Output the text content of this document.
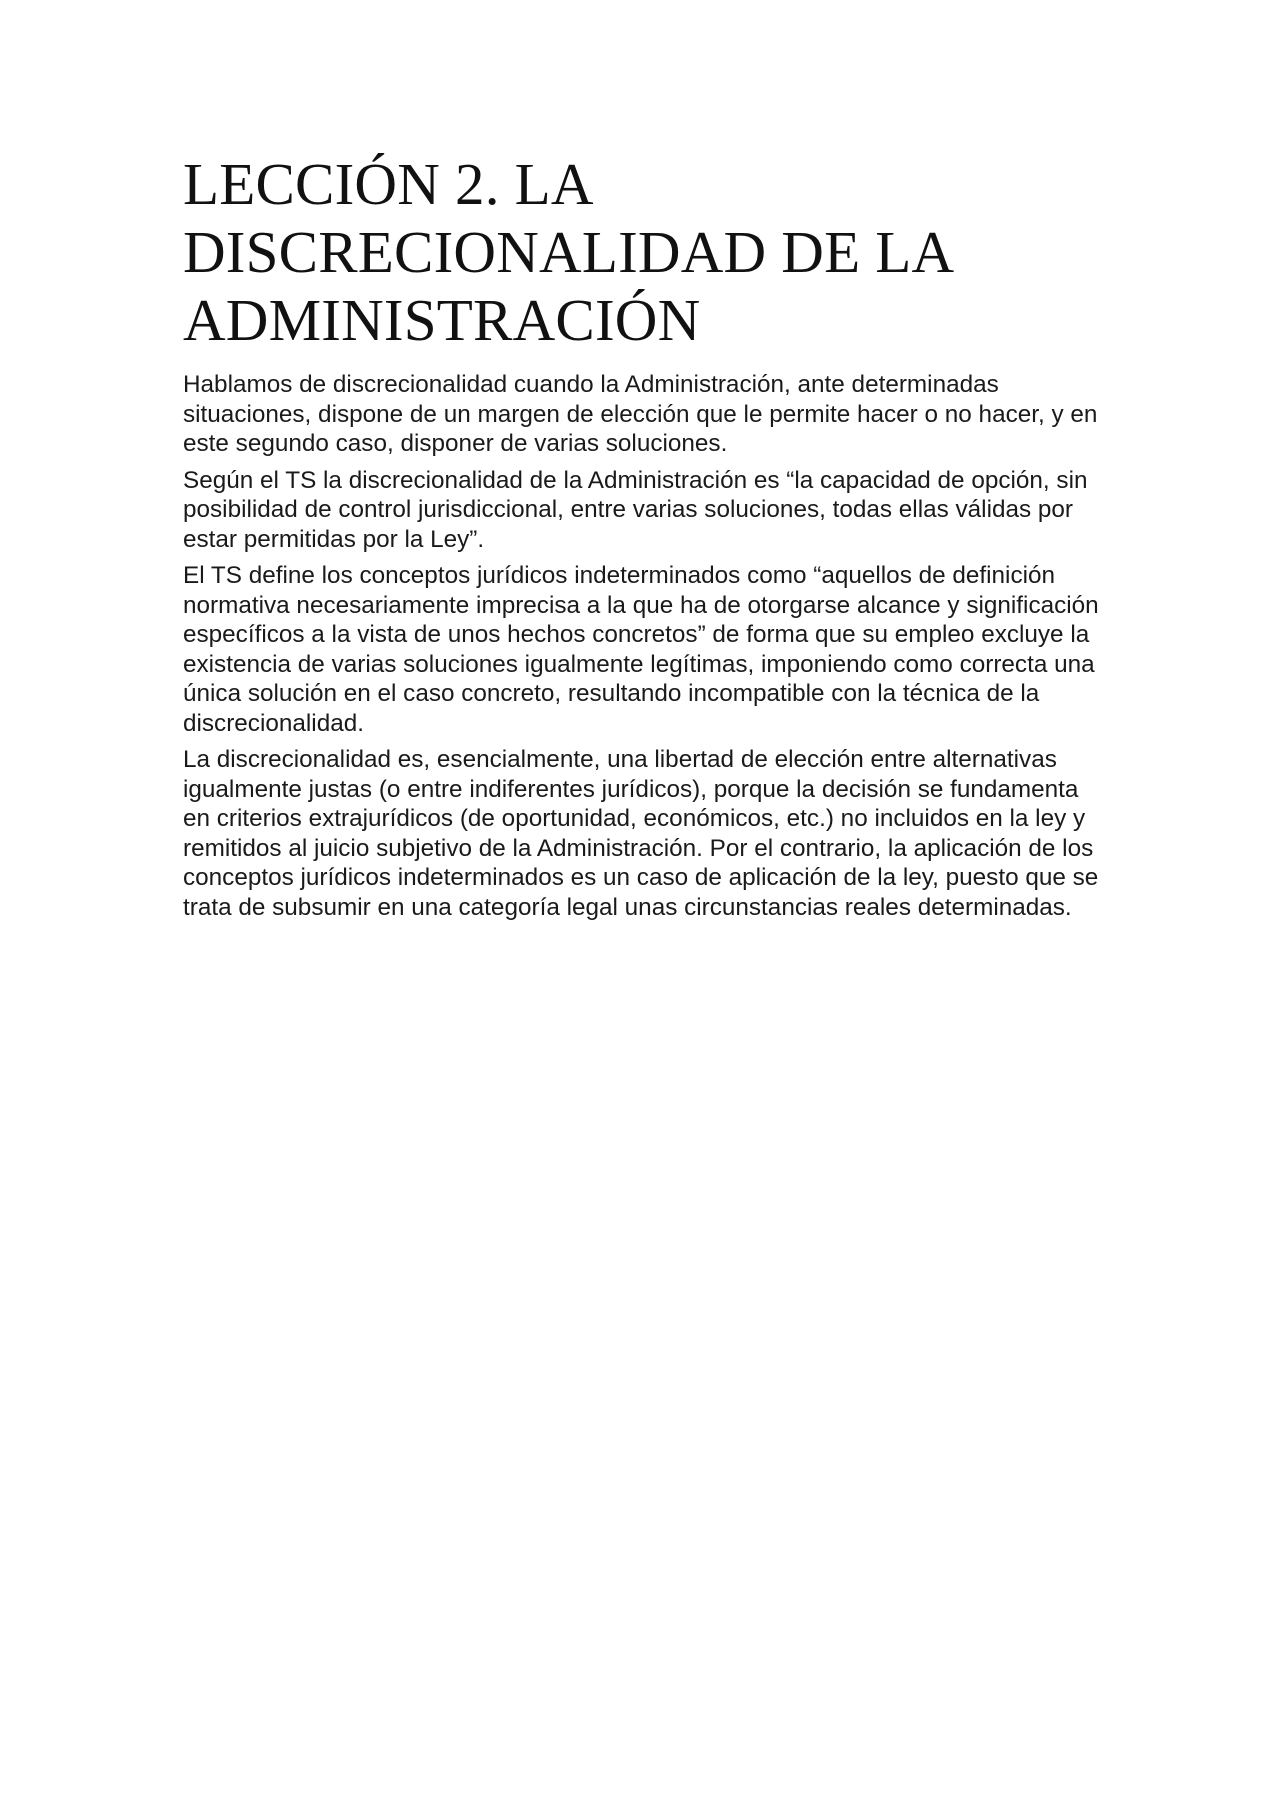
LECCIÓN 2. LA DISCRECIONALIDAD DE LA ADMINISTRACIÓN

Hablamos de discrecionalidad cuando la Administración, ante determinadas situaciones, dispone de un margen de elección que le permite hacer o no hacer, y en este segundo caso, disponer de varias soluciones.

Según el TS la discrecionalidad de la Administración es “la capacidad de opción, sin posibilidad de control jurisdiccional, entre varias soluciones, todas ellas válidas por estar permitidas por la Ley”.

El TS define los conceptos jurídicos indeterminados como “aquellos de definición normativa necesariamente imprecisa a la que ha de otorgarse alcance y significación específicos a la vista de unos hechos concretos” de forma que su empleo excluye la existencia de varias soluciones igualmente legítimas, imponiendo como correcta una única solución en el caso concreto, resultando incompatible con la técnica de la discrecionalidad.

La discrecionalidad es, esencialmente, una libertad de elección entre alternativas igualmente justas (o entre indiferentes jurídicos), porque la decisión se fundamenta en criterios extrajurídicos (de oportunidad, económicos, etc.) no incluidos en la ley y remitidos al juicio subjetivo de la Administración. Por el contrario, la aplicación de los conceptos jurídicos indeterminados es un caso de aplicación de la ley, puesto que se trata de subsumir en una categoría legal unas circunstancias reales determinadas.
